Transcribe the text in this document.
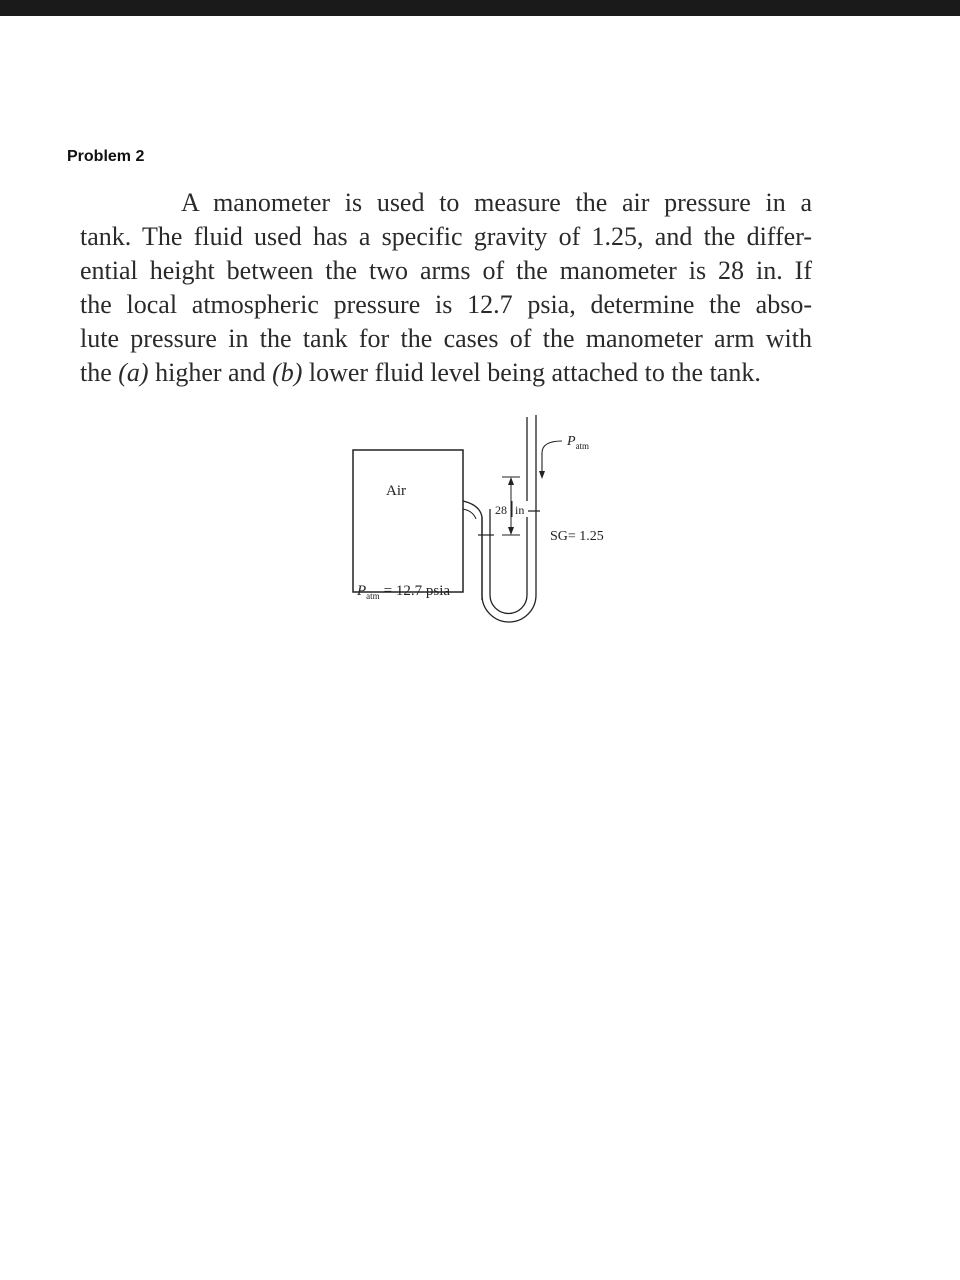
Problem 2
A manometer is used to measure the air pressure in a
tank. The fluid used has a specific gravity of 1.25, and the differ-
ential height between the two arms of the manometer is 28 in. If
the local atmospheric pressure is 12.7 psia, determine the abso-
lute pressure in the tank for the cases of the manometer arm with
the (a) higher and (b) lower fluid level being attached to the tank.
Air
28 in
$P_{atm}$
SG= 1.25
$P_{atm} = 12.7$ psia
